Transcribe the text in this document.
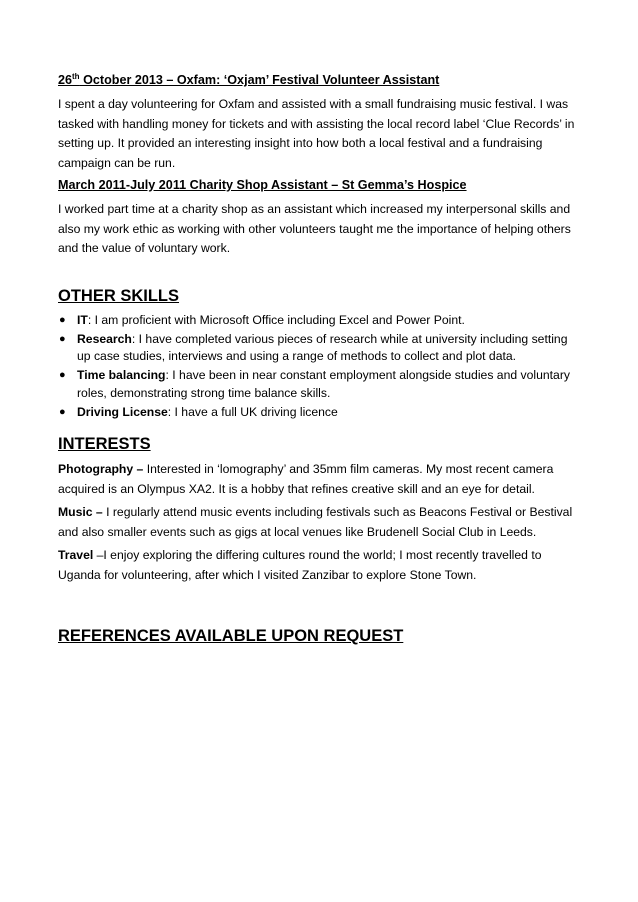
26th October 2013 – Oxfam: ‘Oxjam’ Festival Volunteer Assistant

I spent a day volunteering for Oxfam and assisted with a small fundraising music festival. I was tasked with handling money for tickets and with assisting the local record label ‘Clue Records’ in setting up. It provided an interesting insight into how both a local festival and a fundraising campaign can be run.

March 2011-July 2011 Charity Shop Assistant – St Gemma’s Hospice

I worked part time at a charity shop as an assistant which increased my interpersonal skills and also my work ethic as working with other volunteers taught me the importance of helping others and the value of voluntary work.

OTHER SKILLS
● IT: I am proficient with Microsoft Office including Excel and Power Point.
● Research: I have completed various pieces of research while at university including setting up case studies, interviews and using a range of methods to collect and plot data.
● Time balancing: I have been in near constant employment alongside studies and voluntary roles, demonstrating strong time balance skills.
● Driving License: I have a full UK driving licence
INTERESTS

Photography – Interested in ‘lomography’ and 35mm film cameras. My most recent camera acquired is an Olympus XA2. It is a hobby that refines creative skill and an eye for detail.

Music – I regularly attend music events including festivals such as Beacons Festival or Bestival and also smaller events such as gigs at local venues like Brudenell Social Club in Leeds.

Travel –I enjoy exploring the differing cultures round the world; I most recently travelled to Uganda for volunteering, after which I visited Zanzibar to explore Stone Town.

REFERENCES AVAILABLE UPON REQUEST
